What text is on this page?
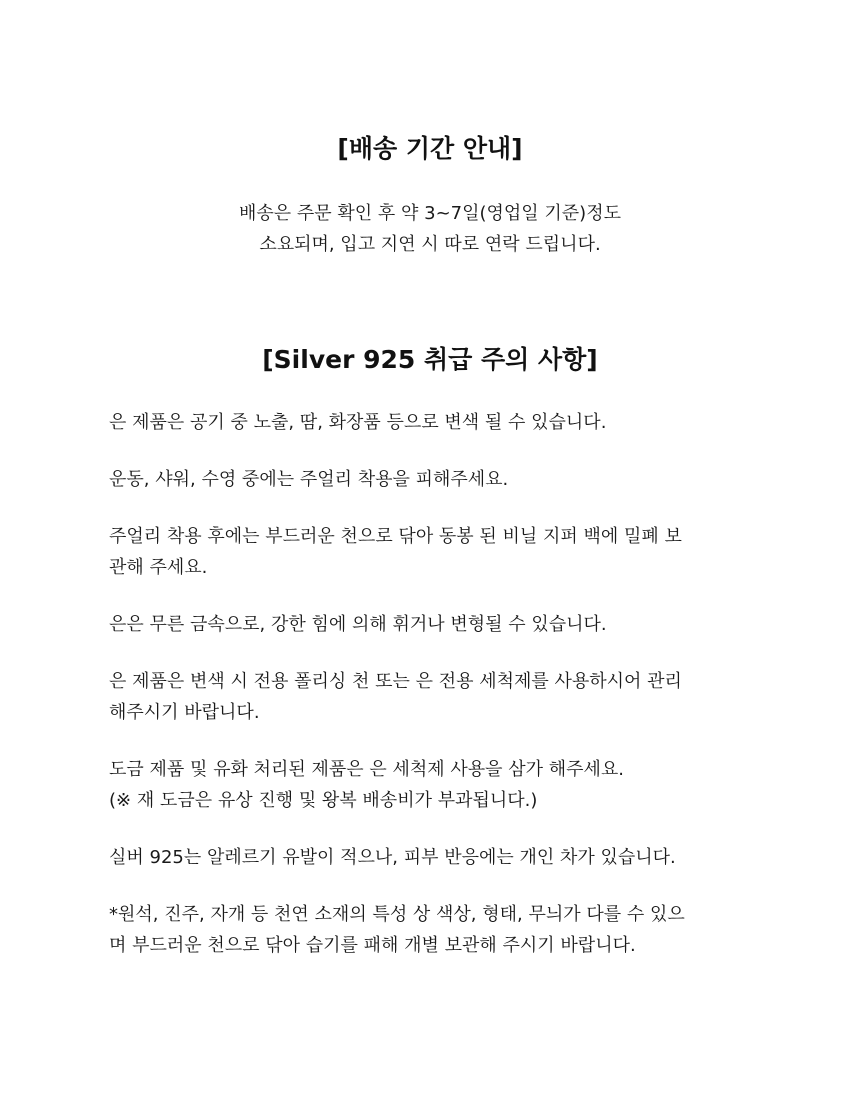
[배송 기간 안내]

배송은 주문 확인 후 약 3~7일(영업일 기준)정도
소요되며, 입고 지연 시 따로 연락 드립니다.

[Silver 925 취급 주의 사항]
은 제품은 공기 중 노출, 땀, 화장품 등으로 변색 될 수 있습니다.
운동, 샤워, 수영 중에는 주얼리 착용을 피해주세요.
주얼리 착용 후에는 부드러운 천으로 닦아 동봉 된 비닐 지퍼 백에 밀폐 보
관해 주세요.
은은 무른 금속으로, 강한 힘에 의해 휘거나 변형될 수 있습니다.
은 제품은 변색 시 전용 폴리싱 천 또는 은 전용 세척제를 사용하시어 관리
해주시기 바랍니다.
도금 제품 및 유화 처리된 제품은 은 세척제 사용을 삼가 해주세요.
(※ 재 도금은 유상 진행 및 왕복 배송비가 부과됩니다.)
실버 925는 알레르기 유발이 적으나, 피부 반응에는 개인 차가 있습니다.
*원석, 진주, 자개 등 천연 소재의 특성 상 색상, 형태, 무늬가 다를 수 있으
며 부드러운 천으로 닦아 습기를 패해 개별 보관해 주시기 바랍니다.
